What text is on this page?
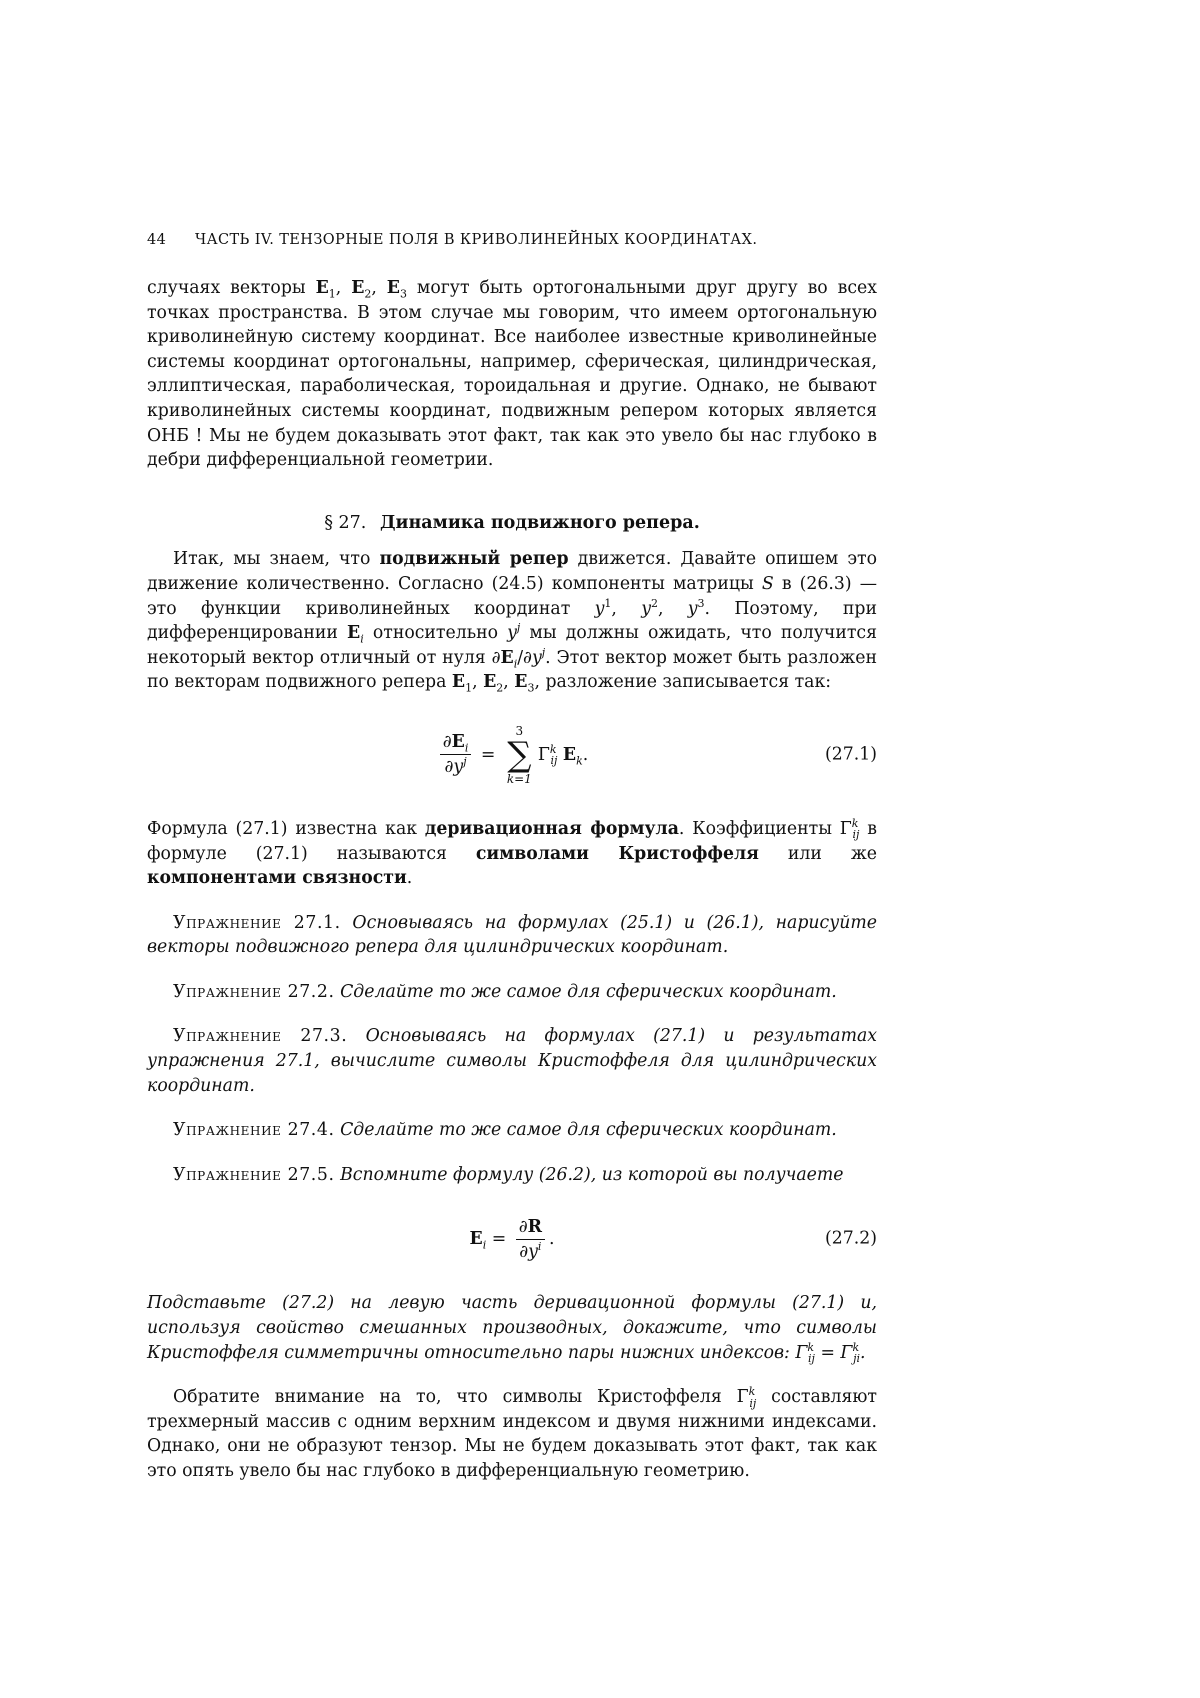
44 ЧАСТЬ IV. ТЕНЗОРНЫЕ ПОЛЯ В КРИВОЛИНЕЙНЫХ КООРДИНАТАХ.

случаях векторы $E_1$, $E_2$, $E_3$ могут быть ортогональными друг другу во всех точках пространства. В этом случае мы говорим, что имеем ортогональную криволинейную систему координат. Все наиболее известные криволинейные системы координат ортогональны, например, сферическая, цилиндрическая, эллиптическая, параболическая, тороидальная и другие. Однако, не бывают криволинейных системы координат, подвижным репером которых является ОНБ ! Мы не будем доказывать этот факт, так как это увело бы нас глубоко в дебри дифференциальной геометрии.

§ 27. Динамика подвижного репера.

Итак, мы знаем, что подвижный репер движется. Давайте опишем это движение количественно. Согласно (24.5) компоненты матрицы S в (26.3) — это функции криволинейных координат $y^1$, $y^2$, $y^3$. Поэтому, при дифференцировании $E_i$ относительно $y^j$ мы должны ожидать, что получится некоторый вектор отличный от нуля $\partial E_i/\partial y^j$. Этот вектор может быть разложен по векторам подвижного репера $E_1$, $E_2$, $E_3$, разложение записывается так:

$\frac{\partial E_i}{\partial y^j}$ =
3
∑
k=1
$\Gamma^k_{ij}$ $E_k$.	(27.1)

Формула (27.1) известна как деривационная формула. Коэффициенты $\Gamma^k_{ij}$ в формуле (27.1) называются символами Кристоффеля или же компонентами связности.

Упражнение 27.1. Основываясь на формулах (25.1) и (26.1), нарисуйте векторы подвижного репера для цилиндрических координат.

Упражнение 27.2. Сделайте то же самое для сферических координат.

Упражнение 27.3. Основываясь на формулах (27.1) и результатах упражнения 27.1, вычислите символы Кристоффеля для цилиндрических координат.

Упражнение 27.4. Сделайте то же самое для сферических координат.

Упражнение 27.5. Вспомните формулу (26.2), из которой вы получаете

$E_i = \frac{\partial R}{\partial y^i}$ .	(27.2)

Подставьте (27.2) на левую часть деривационной формулы (27.1) и, используя свойство смешанных производных, докажите, что символы Кристоффеля симметричны относительно пары нижних индексов: $\Gamma^k_{ij} = \Gamma^k_{ji}$.

Обратите внимание на то, что символы Кристоффеля $\Gamma^k_{ij}$ составляют трехмерный массив с одним верхним индексом и двумя нижними индексами. Однако, они не образуют тензор. Мы не будем доказывать этот факт, так как это опять увело бы нас глубоко в дифференциальную геометрию.
